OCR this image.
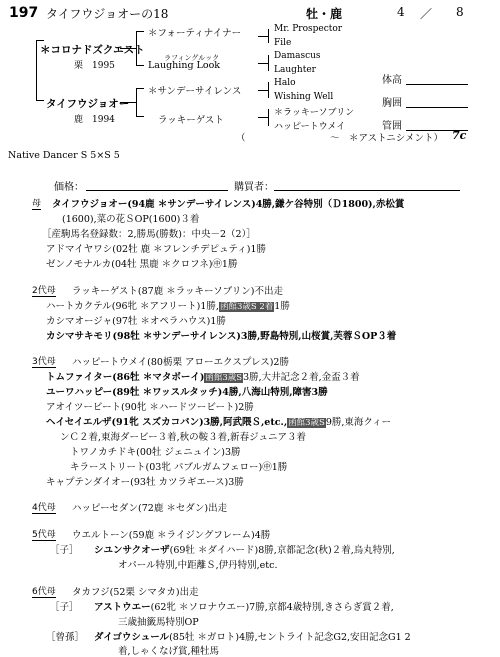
197 タイフウジョオーの18	牡・鹿	4 ／ 8
＊コロナドズクエスト
栗　1995
＊フォーティナイナー
ラフィングルック
Laughing Look
タイフウジョオー
鹿　1994
＊サンデーサイレンス
ラッキーゲスト
Mr. Prospector
File
Damascus
Laughter
Halo
Wishing Well
＊ラッキーソブリン
ハッピートウメイ
体高
胸囲
管囲
（	～　＊アストニシメント） 7c
Native Dancer S 5×S 5
価格：	購買者：
母 タイフウジョオー(94鹿 ＊サンデーサイレンス)4勝,鎌ケ谷特別（Ｄ1800),赤松賞
(1600),菜の花ＳOP(1600)３着
［産駒馬名登録数：2,勝馬(勝数)：中央－2（2）］
アドマイヤワシ(02牡 鹿 ＊フレンチデピュティ)1勝
ゼンノモナルカ(04牡 黒鹿 ＊クロフネ)㊥1勝
2代母 ラッキーゲスト(87鹿 ＊ラッキーソブリン)不出走
ハートカクテル(96牝 ＊アフリート)1勝,函館3歳S 2着1勝
カシマオージャ(97牡 ＊オペラハウス)1勝
カシマサキモリ(98牡 ＊サンデーサイレンス)3勝,野島特別,山桜賞,芙蓉ＳOP３着
3代母 ハッピートウメイ(80栃栗 アローエクスプレス)2勝
トムファイター(86牡 ＊マタボーイ)函館3歳S3勝,大井記念２着,金盃３着
ユーワハッピー(89牡 ＊ワッスルタッチ)4勝,八海山特別,障害3勝
アオイツービート(90牝 ＊ハードツービート)2勝
ヘイセイエルザ(91牝 スズカコバン)3勝,阿武隈Ｓ,etc.,函館3歳S9勝,東海クィー
ンＣ２着,東海ダービー３着,秋の鞍３着,新春ジュニア３着
トワノカチドキ(00牡 ジェニュイン)3勝
キラーストリート(03牝 パブルガムフェロー)㊥1勝
キャプテンダイオー(93牡 カツラギエース)3勝
4代母 ハッピーセダン(72鹿 ＊セダン)出走
5代母 ウエルトーン(59鹿 ＊ライジングフレーム)4勝
［子］ シユンサクオーザ(69牡 ＊ダイハード)8勝,京都記念(秋)２着,烏丸特別,
オパール特別,中距離Ｓ,伊丹特別,etc.
6代母 タカフジ(52栗 シマタカ)出走
［子］ アストウエー(62牝 ＊ソロナウエー)7勝,京都4歳特別,きさらぎ賞２着,
三歳抽籤馬特別OP
［曾孫］ ダイゴウシュール(85牡 ＊ガロト)4勝,セントライト記念G2,安田記念G1 2
着,しゃくなげ賞,種牡馬
